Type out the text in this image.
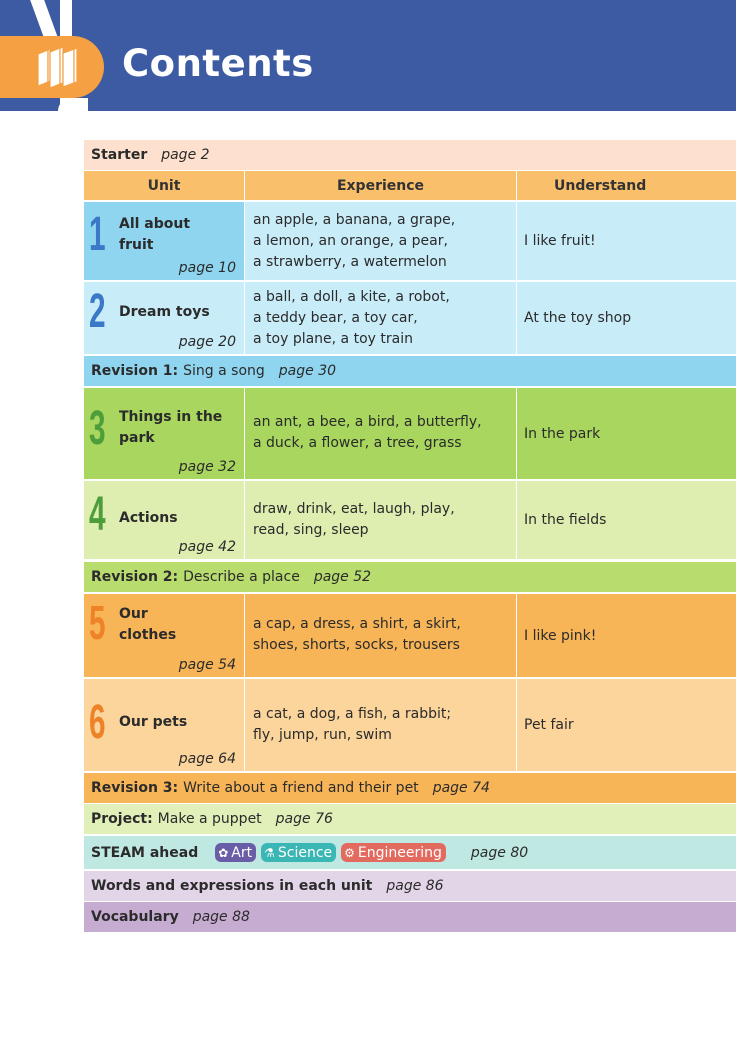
Contents
Starter page 2
Unit	Experience	Understand
1 All about
fruit
page 10
an apple, a banana, a grape,
a lemon, an orange, a pear,
a strawberry, a watermelon
I like fruit!
2 Dream toys
page 20
a ball, a doll, a kite, a robot,
a teddy bear, a toy car,
a toy plane, a toy train
At the toy shop
Revision 1: Sing a song page 30
3 Things in the
park
page 32
an ant, a bee, a bird, a butterfly,
a duck, a flower, a tree, grass
In the park
4 Actions
page 42
draw, drink, eat, laugh, play,
read, sing, sleep
In the fields
Revision 2: Describe a place page 52
5 Our
clothes
page 54
a cap, a dress, a shirt, a skirt,
shoes, shorts, socks, trousers
I like pink!
6 Our pets
page 64
a cat, a dog, a fish, a rabbit;
fly, jump, run, swim
Pet fair
Revision 3: Write about a friend and their pet page 74
Project: Make a puppet page 76
STEAM ahead ✿ Art ⚗ Science ⚙ Engineering page 80
Words and expressions in each unit page 86
Vocabulary page 88
